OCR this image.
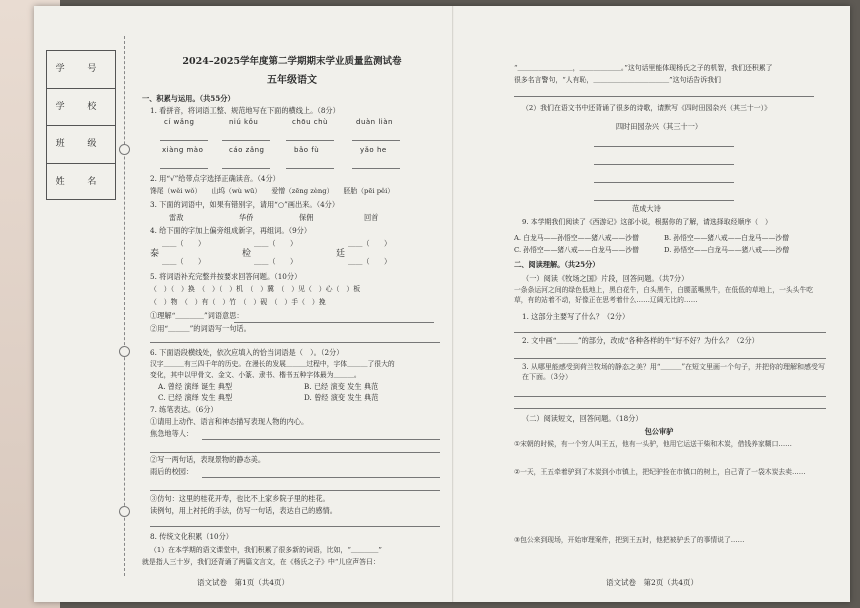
学 号
学 校
班 级
姓 名
2024–2025学年度第二学期期末学业质量监测试卷
五年级语文
一、积累与运用。（共55分）
1. 看拼音，将词语工整、规范地写在下面的横线上。（8分）
cí wǎng	niú kǒu	chōu chù	duàn liàn
xiàng mào	cáo zǎng	bǎo fù	yǎo he
2. 用“√”给带点字选择正确读音。（4分）
馋尾（wěi wǒ）　　山坞（wù wū）　　爱憎（zēng zèng）　　胚胎（pēi pěi）
3. 下面的词语中，如果有错别字，请用“○”画出来。（4分）
雷敌	华侨	保佣	回首
4. 给下面的字加上偏旁组成新字，再组词。（9分）
泰
＿＿（　　）
＿＿（　　）
检
＿＿（　　）
＿＿（　　）
廷
＿＿（　　）
＿＿（　　）
5. 将词语补充完整并按要求回答问题。（10分）
（　）（　）换　（　）（　）机　（　）冀　（　）见（　）心（　）板
（　）物　（　）有（　）竹　（　）砚　（　）手（　）挽
①理解“＿＿＿＿”词语意思：
②用“＿＿＿”的词语写一句话。
6. 下面语段横线处，依次应填入的恰当词语是（　）。（2分）
汉字＿＿＿有三四千年的历史。在漫长的发展＿＿＿过程中，字体＿＿＿了很大的
变化，其中以甲骨文、金文、小篆、隶书、楷书五种字体最为＿＿＿。
A. 曾经 演绎 诞生 典型	B. 已经 演变 发生 典范
C. 已经 演绎 发生 典型	D. 曾经 演变 发生 典范
7. 练笔表达。（6分）
①请用上动作、语言和神态描写表现人物的内心。
焦急地等人：
②写一两句话，表现景物的静态美。
雨后的校园：
③仿句：这里的桂花开寿，也比不上家乡院子里的桂花。
读例句，用上衬托的手法，仿写一句话，表达自己的感情。
8. 传统文化积累（10分）
（1）在本学期的语文课堂中，我们积累了很多新的词语，比如，“＿＿＿＿”
就是指人三十岁，我们还背诵了两篇文言文，在《杨氏之子》中“儿应声答曰：
语文试卷　第1页（共4页）
“＿＿＿＿＿＿＿＿，＿＿＿＿＿＿。”这句话里能体现杨氏之子的机智，我们还积累了
很多名言警句，“人有恥，＿＿＿＿＿＿＿＿＿＿＿”这句话告诉我们
（2）我们在语文书中还背诵了很多的诗歌，请默写《四时田园杂兴（其三十一）》
四时田园杂兴（其三十一）
范成大诗
9. 本学期我们阅读了《西游记》这部小说，根据你的了解，请选择取经顺序（　）
A. 白龙马——孙悟空——猪八戒——沙僧	B. 孙悟空——猪八戒——白龙马——沙僧
C. 孙悟空——猪八戒——白龙马——沙僧	D. 孙悟空——白龙马——猪八戒——沙僧
二、阅读理解。（共25分）
（一）阅读《牧场之国》片段，回答问题。（共7分）
一条条运河之间的绿色低地上，黑白花牛，白头黑牛，白腰蓝嘴黑牛，在低低的草地上，一头头牛吃草，有的站着不动，好像正在思考着什么……辽阔无比的……
1. 这部分主要写了什么？（2分）
2. 文中画“＿＿＿”的部分，改成“各种各样的牛”好不好？为什么？（2分）
3. 从哪里能感受到荷兰牧场的静态之美？用“＿＿＿”在短文里画一个句子，并把你的理解和感受写在下面。（3分）
（二）阅读短文，回答问题。（18分）
包公审驴
①宋朝的时候，有一个穷人叫王五，他有一头驴，他用它运送干柴和木炭，借钱养家糊口……
②一天，王五牵着驴到了木炭到小市镇上，把纪驴拴在市镇口的树上，自己背了一袋木炭去卖……
③包公来到现场，开始审理案件，把到王五时，他把被驴丢了的事情说了……
语文试卷　第2页（共4页）
